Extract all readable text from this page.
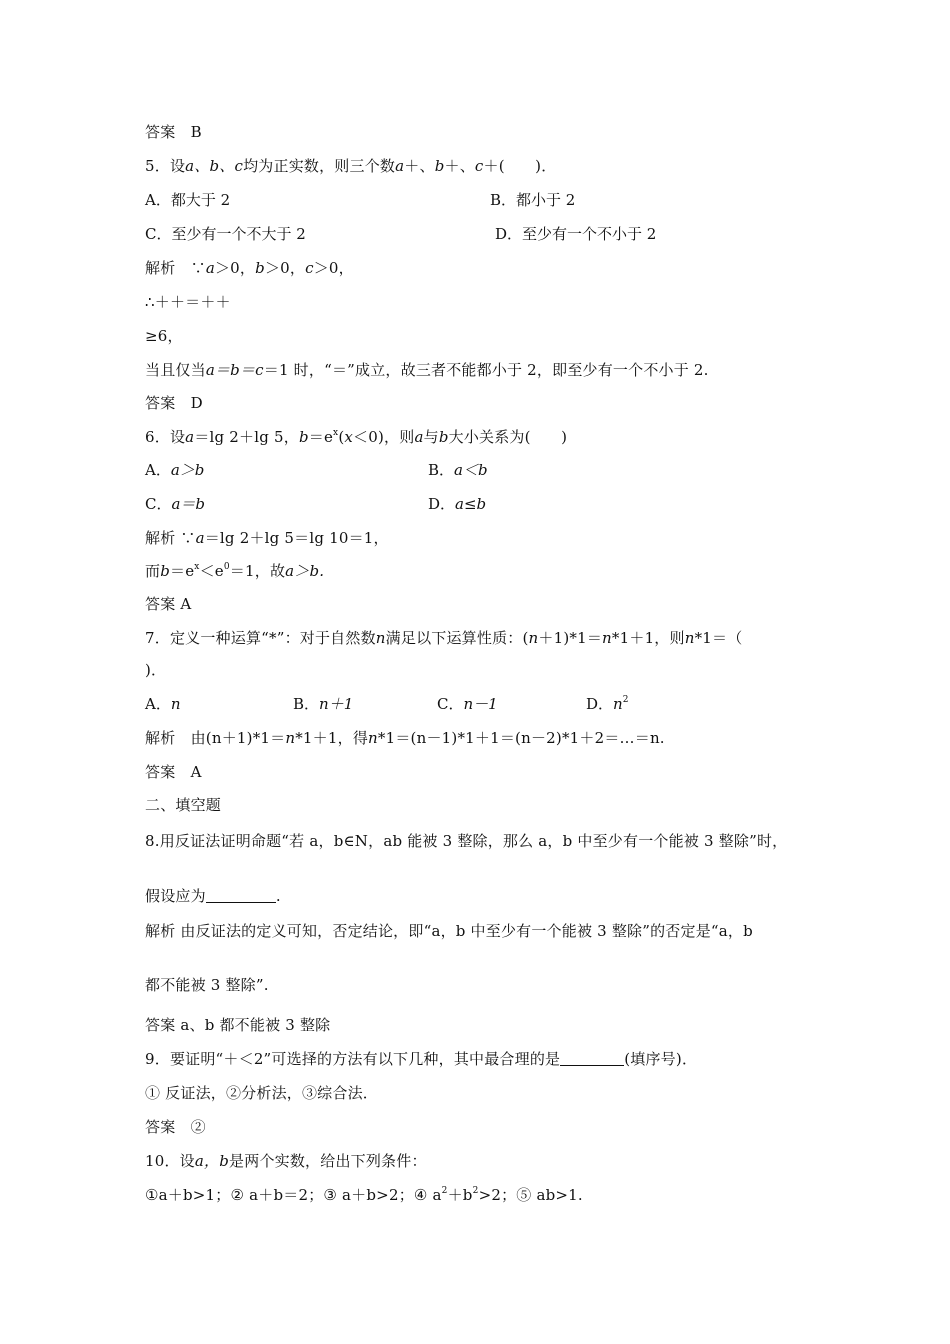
答案　B
5．设a、b、c均为正实数，则三个数a＋、b＋、c＋(　　)．
A．都大于 2	B．都小于 2
C．至少有一个不大于 2	D．至少有一个不小于 2
解析　∵a＞0，b＞0，c＞0，
∴＋＋＝＋＋
≥6，
当且仅当a＝b＝c＝1 时，“＝”成立，故三者不能都小于 2，即至少有一个不小于 2.
答案　D
6．设a＝lg 2＋lg 5，$b=e^x(x<0)$，则a与b大小关系为(　　)
A．a＞b	B．a＜b
C．a＝b	D．a≤b
解析 ∵a＝lg 2＋lg 5＝lg 10＝1，
而$b=e^x<e^0=1$，故a＞b.
答案 A
7．定义一种运算“*”：对于自然数n满足以下运算性质：(n＋1)*1＝n*1＋1，则n*1＝（
)．
A．n	B．n＋1	C．n－1	D．$n^2$
解析　由(n＋1)*1＝n*1＋1，得n*1＝(n－1)*1＋1＝(n－2)*1＋2＝…＝n.
答案　A
二、填空题
8.用反证法证明命题“若 a，b∈N，ab 能被 3 整除，那么 a，b 中至少有一个能被 3 整除”时，
假设应为	.
解析 由反证法的定义可知，否定结论，即“a，b 中至少有一个能被 3 整除”的否定是“a，b
都不能被 3 整除”.
答案 a、b 都不能被 3 整除
9．要证明“＋＜2”可选择的方法有以下几种，其中最合理的是	(填序号)．
① 反证法，②分析法，③综合法．
答案　②
10．设a，b是两个实数，给出下列条件：
①a＋b>1；② a＋b＝2；③ a＋b>2；④ $a^2+b^2>2$；⑤ ab>1.
